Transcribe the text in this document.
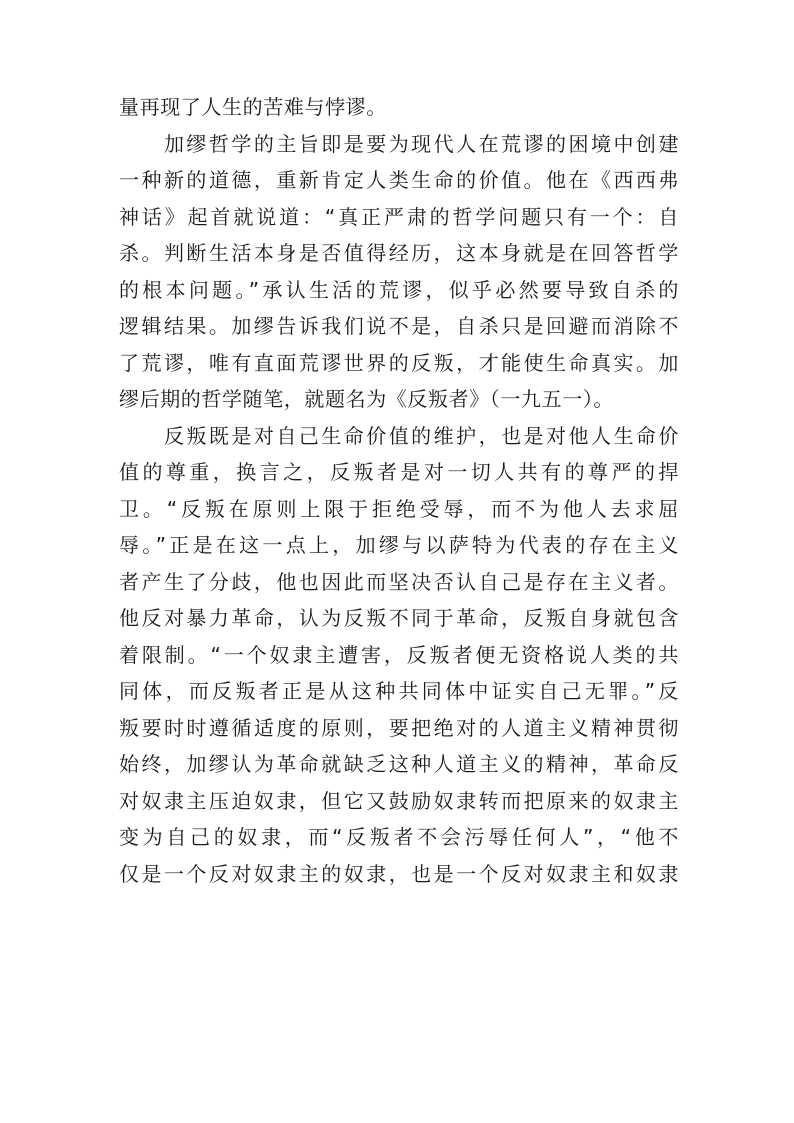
量再现了人生的苦难与悖谬。
　　加缪哲学的主旨即是要为现代人在荒谬的困境中创建
一种新的道德，重新肯定人类生命的价值。他在《西西弗
神话》起首就说道：“真正严肃的哲学问题只有一个：自
杀。判断生活本身是否值得经历，这本身就是在回答哲学
的根本问题。”承认生活的荒谬，似乎必然要导致自杀的
逻辑结果。加缪告诉我们说不是，自杀只是回避而消除不
了荒谬，唯有直面荒谬世界的反叛，才能使生命真实。加
缪后期的哲学随笔，就题名为《反叛者》（一九五一）。
　　反叛既是对自己生命价值的维护，也是对他人生命价
值的尊重，换言之，反叛者是对一切人共有的尊严的捍
卫。“反叛在原则上限于拒绝受辱，而不为他人去求屈
辱。”正是在这一点上，加缪与以萨特为代表的存在主义
者产生了分歧，他也因此而坚决否认自己是存在主义者。
他反对暴力革命，认为反叛不同于革命，反叛自身就包含
着限制。“一个奴隶主遭害，反叛者便无资格说人类的共
同体，而反叛者正是从这种共同体中证实自己无罪。”反
叛要时时遵循适度的原则，要把绝对的人道主义精神贯彻
始终，加缪认为革命就缺乏这种人道主义的精神，革命反
对奴隶主压迫奴隶，但它又鼓励奴隶转而把原来的奴隶主
变为自己的奴隶，而“反叛者不会污辱任何人”，“他不
仅是一个反对奴隶主的奴隶，也是一个反对奴隶主和奴隶
